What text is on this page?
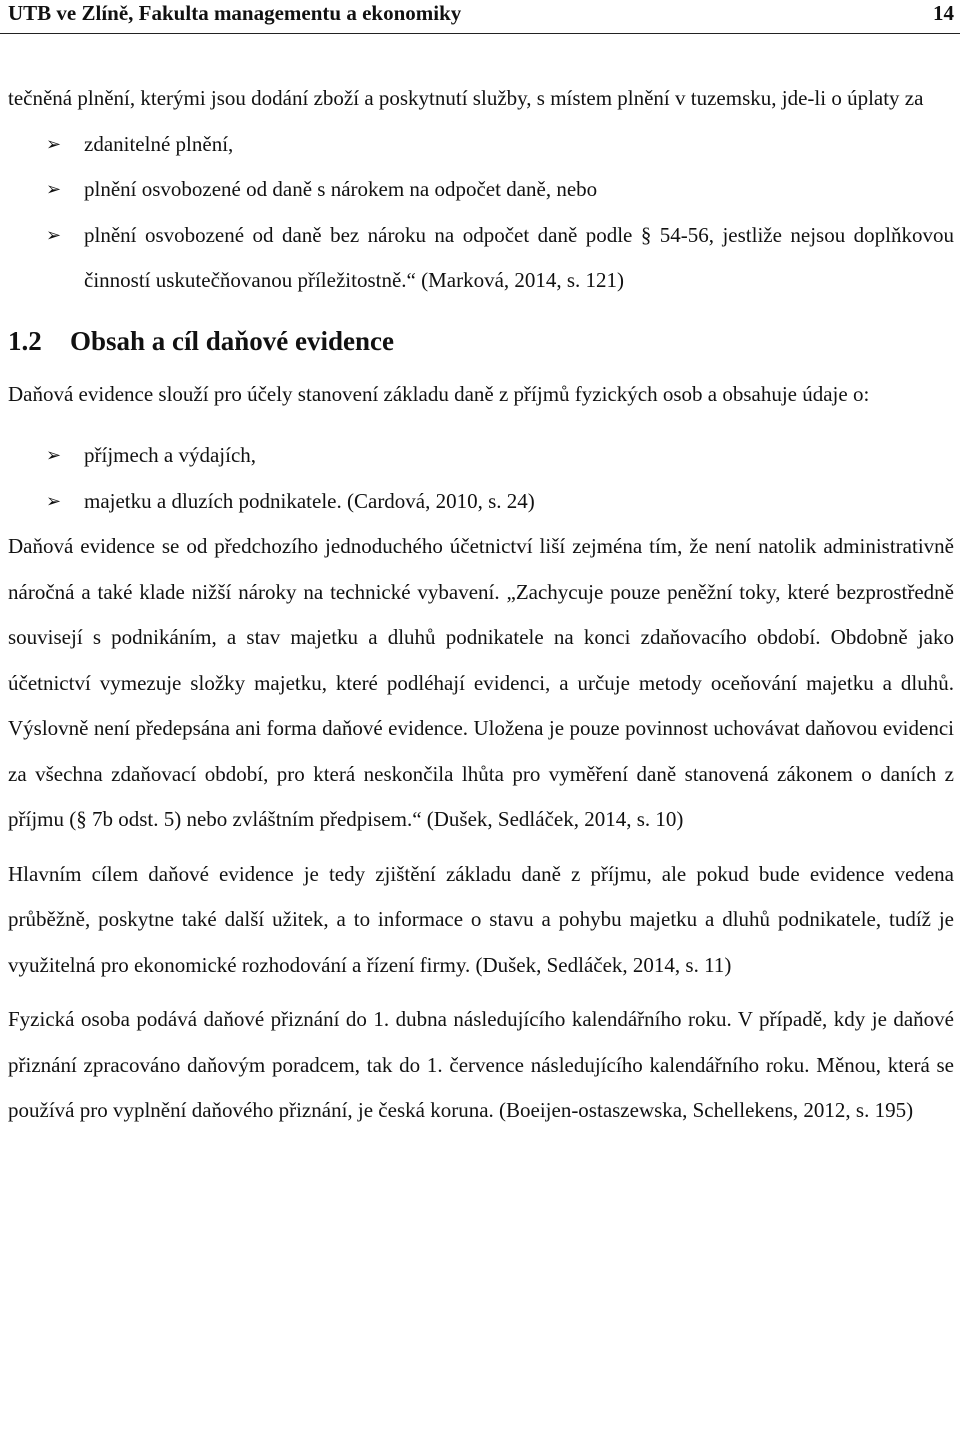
UTB ve Zlíně, Fakulta managementu a ekonomiky	14

tečněná plnění, kterými jsou dodání zboží a poskytnutí služby, s místem plnění v tuzemsku, jde-li o úplaty za

➢ zdanitelné plnění,
➢ plnění osvobozené od daně s nárokem na odpočet daně, nebo
➢ plnění osvobozené od daně bez nároku na odpočet daně podle § 54-56, jestliže nejsou doplňkovou činností uskutečňovanou příležitostně.“ (Marková, 2014, s. 121)
1.2 Obsah a cíl daňové evidence

Daňová evidence slouží pro účely stanovení základu daně z příjmů fyzických osob a obsahuje údaje o:

➢ příjmech a výdajích,
➢ majetku a dluzích podnikatele. (Cardová, 2010, s. 24)

Daňová evidence se od předchozího jednoduchého účetnictví liší zejména tím, že není natolik administrativně náročná a také klade nižší nároky na technické vybavení. „Zachycuje pouze peněžní toky, které bezprostředně souvisejí s podnikáním, a stav majetku a dluhů podnikatele na konci zdaňovacího období. Obdobně jako účetnictví vymezuje složky majetku, které podléhají evidenci, a určuje metody oceňování majetku a dluhů. Výslovně není předepsána ani forma daňové evidence. Uložena je pouze povinnost uchovávat daňovou evidenci za všechna zdaňovací období, pro která neskončila lhůta pro vyměření daně stanovená zákonem o daních z příjmu (§ 7b odst. 5) nebo zvláštním předpisem.“ (Dušek, Sedláček, 2014, s. 10)

Hlavním cílem daňové evidence je tedy zjištění základu daně z příjmu, ale pokud bude evidence vedena průběžně, poskytne také další užitek, a to informace o stavu a pohybu majetku a dluhů podnikatele, tudíž je využitelná pro ekonomické rozhodování a řízení firmy. (Dušek, Sedláček, 2014, s. 11)

Fyzická osoba podává daňové přiznání do 1. dubna následujícího kalendářního roku. V případě, kdy je daňové přiznání zpracováno daňovým poradcem, tak do 1. července následujícího kalendářního roku. Měnou, která se používá pro vyplnění daňového přiznání, je česká koruna. (Boeijen-ostaszewska, Schellekens, 2012, s. 195)
